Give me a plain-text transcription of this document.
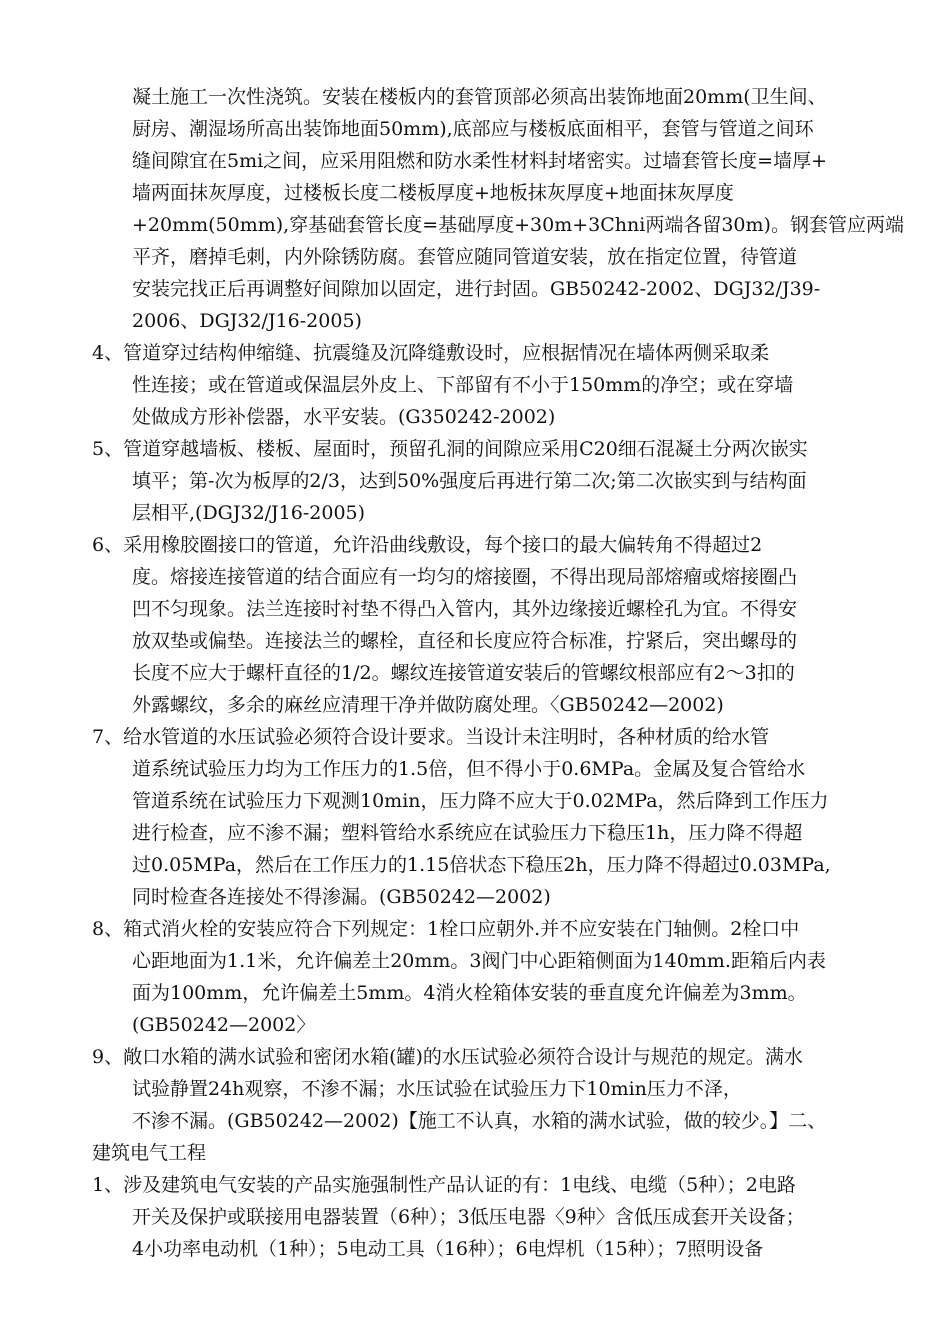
凝土施工一次性浇筑。安装在楼板内的套管顶部必须高出装饰地面20mm(卫生间、
厨房、潮湿场所高出装饰地面50mm),底部应与楼板底面相平，套管与管道之间环
缝间隙宜在5mi之间，应采用阻燃和防水柔性材料封堵密实。过墙套管长度=墙厚+
墙两面抹灰厚度，过楼板长度二楼板厚度+地板抹灰厚度+地面抹灰厚度
+20mm(50mm),穿基础套管长度=基础厚度+30m+3Chni两端各留30m)。钢套管应两端
平齐，磨掉毛刺，内外除锈防腐。套管应随同管道安装，放在指定位置，待管道
安装完找正后再调整好间隙加以固定，进行封固。GB50242-2002、DGJ32/J39-
2006、DGJ32/J16-2005)
4、管道穿过结构伸缩缝、抗震缝及沉降缝敷设时，应根据情况在墙体两侧采取柔
性连接；或在管道或保温层外皮上、下部留有不小于150mm的净空；或在穿墙
处做成方形补偿器，水平安装。(G350242-2002)
5、管道穿越墙板、楼板、屋面时，预留孔洞的间隙应采用C20细石混凝土分两次嵌实
填平；第-次为板厚的2/3，达到50%强度后再进行第二次;第二次嵌实到与结构面
层相平,(DGJ32/J16-2005)
6、采用橡胶圈接口的管道，允许沿曲线敷设，每个接口的最大偏转角不得超过2
度。熔接连接管道的结合面应有一均匀的熔接圈，不得出现局部熔瘤或熔接圈凸
凹不匀现象。法兰连接时衬垫不得凸入管内，其外边缘接近螺栓孔为宜。不得安
放双垫或偏垫。连接法兰的螺栓，直径和长度应符合标准，拧紧后，突出螺母的
长度不应大于螺杆直径的1/2。螺纹连接管道安装后的管螺纹根部应有2〜3扣的
外露螺纹，多余的麻丝应清理干净并做防腐处理。〈GB50242—2002)
7、给水管道的水压试验必须符合设计要求。当设计未注明时，各种材质的给水管
道系统试验压力均为工作压力的1.5倍，但不得小于0.6MPa。金属及复合管给水
管道系统在试验压力下观测10min，压力降不应大于0.02MPa，然后降到工作压力
进行检查，应不渗不漏；塑料管给水系统应在试验压力下稳压1h，压力降不得超
过0.05MPa，然后在工作压力的1.15倍状态下稳压2h，压力降不得超过0.03MPa,
同时检查各连接处不得渗漏。(GB50242—2002)
8、箱式消火栓的安装应符合下列规定：1栓口应朝外.并不应安装在门轴侧。2栓口中
心距地面为1.1米，允许偏差土20mm。3阀门中心距箱侧面为140mm.距箱后内表
面为100mm，允许偏差土5mm。4消火栓箱体安装的垂直度允许偏差为3mm。
(GB50242—2002〉
9、敞口水箱的满水试验和密闭水箱(罐)的水压试验必须符合设计与规范的规定。满水
试验静置24h观察，不渗不漏；水压试验在试验压力下10min压力不泽，
不渗不漏。(GB50242—2002)【施工不认真，水箱的满水试验，做的较少。】二、
建筑电气工程
1、涉及建筑电气安装的产品实施强制性产品认证的有：1电线、电缆（5种）；2电路
开关及保护或联接用电器装置（6种）；3低压电器〈9种〉含低压成套开关设备；
4小功率电动机（1种）；5电动工具（16种）；6电焊机（15种）；7照明设备
